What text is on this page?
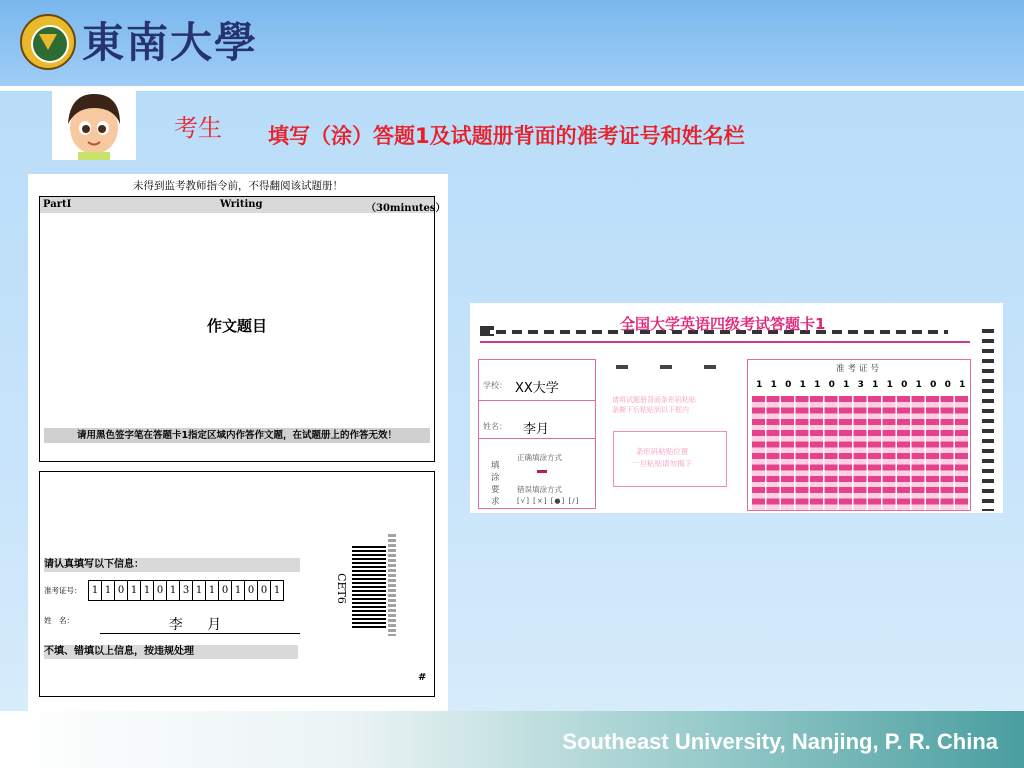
東南大學
考生 填写（涂）答题1及试题册背面的准考证号和姓名栏
未得到监考教师指令前，不得翻阅该试题册！
PartI	Writing	（30minutes）
作文题目
请用黑色签字笔在答题卡1指定区域内作答作文题，在试题册上的作答无效！
请认真填写以下信息：
准考证号：	1 1 0 1 1 0 1 3 1 1 0 1 0 0 1
姓　名：	李 月
不填、错填以上信息，按违规处理
CET6
#
全国大学英语四级考试答题卡1
学校： XX大学
姓名： 李月
填涂要求
正确填涂方式
错误填涂方式
[√] [×] [●] [/]
请将试题册背面条形码粘贴
条撕下后粘贴到以下框内
条形码粘贴位置
一旦粘贴请勿揭下
准考证号
1 1 0 1 1 0 1 3 1 1 0 1 0 0 1
Southeast University, Nanjing, P. R. China
